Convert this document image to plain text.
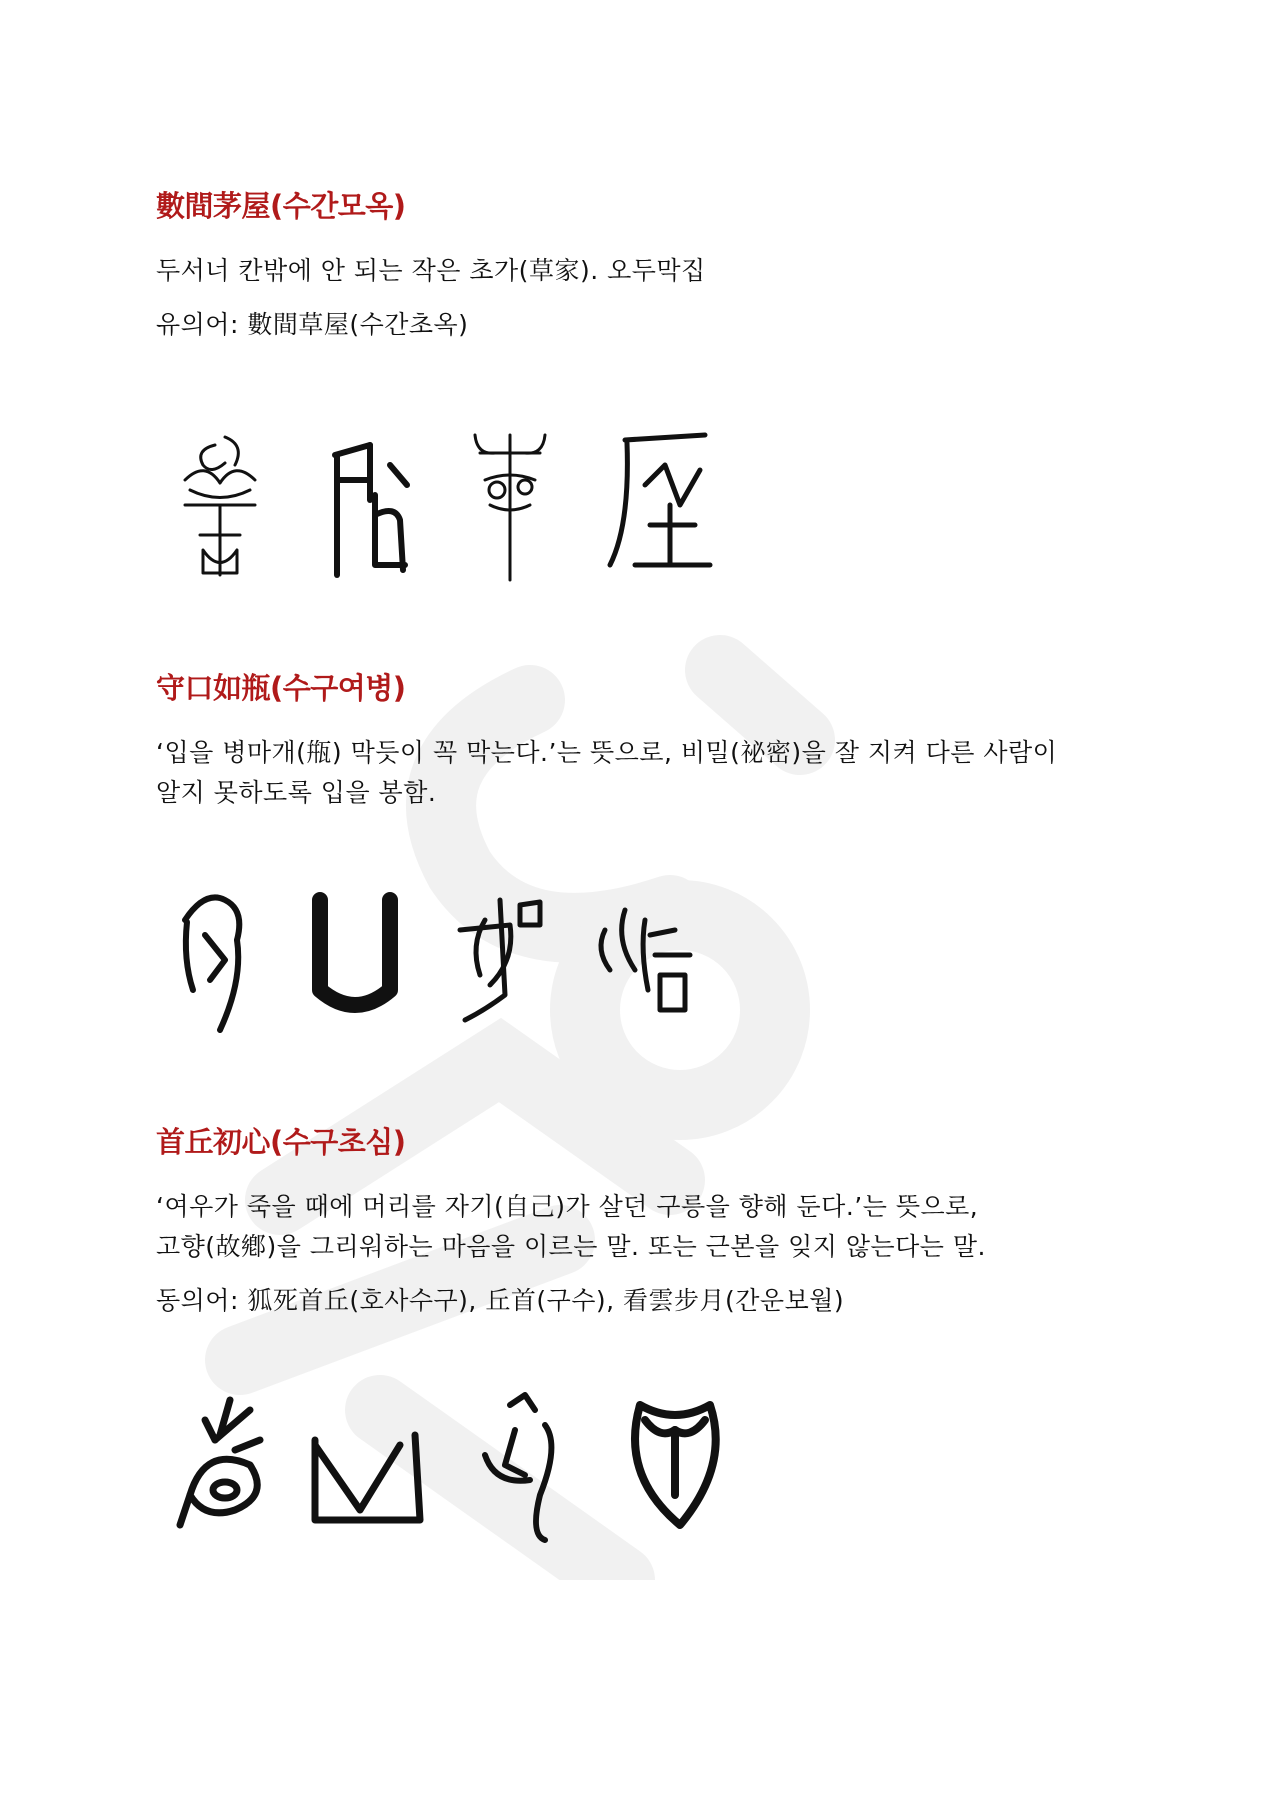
數間茅屋(수간모옥)

두서너 칸밖에 안 되는 작은 초가(草家). 오두막집

유의어: 數間草屋(수간초옥)

守口如瓶(수구여병)

‘입을 병마개(甁) 막듯이 꼭 막는다.’는 뜻으로, 비밀(祕密)을 잘 지켜 다른 사람이

알지 못하도록 입을 봉함.

首丘初心(수구초심)

‘여우가 죽을 때에 머리를 자기(自己)가 살던 구릉을 향해 둔다.’는 뜻으로,

고향(故鄕)을 그리워하는 마음을 이르는 말. 또는 근본을 잊지 않는다는 말.

동의어: 狐死首丘(호사수구), 丘首(구수), 看雲步月(간운보월)
